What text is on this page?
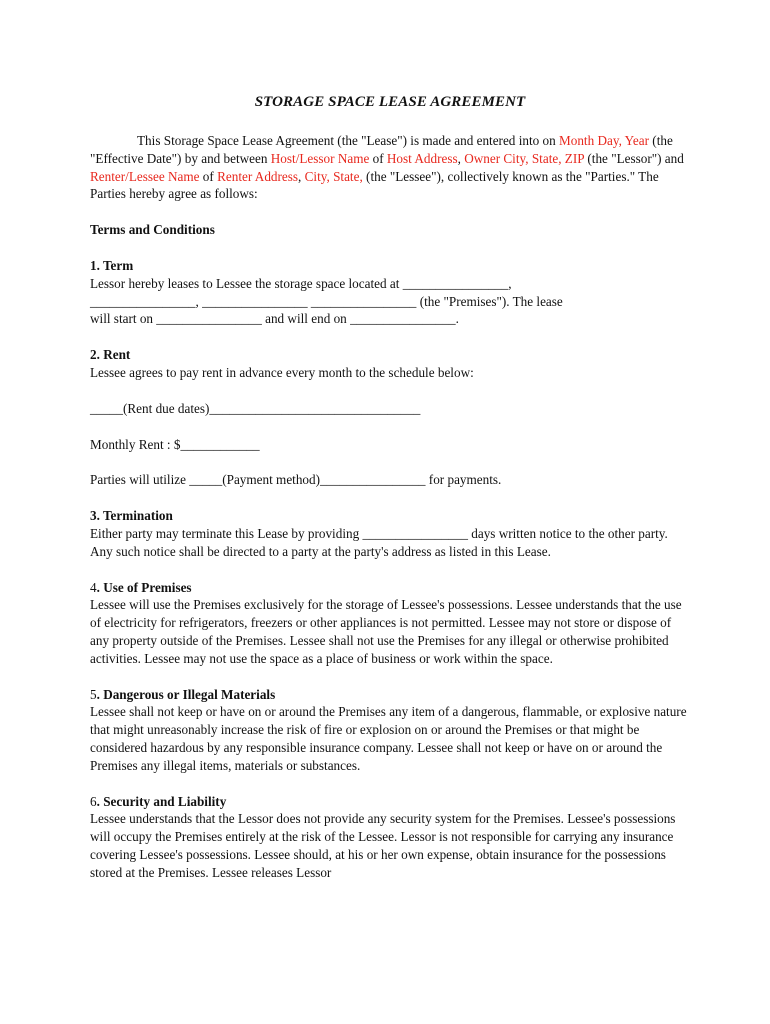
STORAGE SPACE LEASE AGREEMENT

This Storage Space Lease Agreement (the "Lease") is made and entered into on Month Day, Year (the "Effective Date") by and between Host/Lessor Name of Host Address, Owner City, State, ZIP (the "Lessor") and Renter/Lessee Name of Renter Address, City, State, (the "Lessee"), collectively known as the "Parties." The Parties hereby agree as follows:

Terms and Conditions

1. Term

Lessor hereby leases to Lessee the storage space located at ________________,

________________, ________________ ________________ (the "Premises"). The lease

will start on ________________ and will end on ________________.

2. Rent

Lessee agrees to pay rent in advance every month to the schedule below:

_____(Rent due dates)________________________________

Monthly Rent : $____________

Parties will utilize _____(Payment method)________________ for payments.

3. Termination

Either party may terminate this Lease by providing ________________ days written notice to the other party. Any such notice shall be directed to a party at the party's address as listed in this Lease.

4. Use of Premises

Lessee will use the Premises exclusively for the storage of Lessee's possessions. Lessee understands that the use of electricity for refrigerators, freezers or other appliances is not permitted. Lessee may not store or dispose of any property outside of the Premises. Lessee shall not use the Premises for any illegal or otherwise prohibited activities. Lessee may not use the space as a place of business or work within the space.

5. Dangerous or Illegal Materials

Lessee shall not keep or have on or around the Premises any item of a dangerous, flammable, or explosive nature that might unreasonably increase the risk of fire or explosion on or around the Premises or that might be considered hazardous by any responsible insurance company. Lessee shall not keep or have on or around the Premises any illegal items, materials or substances.

6. Security and Liability

Lessee understands that the Lessor does not provide any security system for the Premises. Lessee's possessions will occupy the Premises entirely at the risk of the Lessee. Lessor is not responsible for carrying any insurance covering Lessee's possessions. Lessee should, at his or her own expense, obtain insurance for the possessions stored at the Premises. Lessee releases Lessor
